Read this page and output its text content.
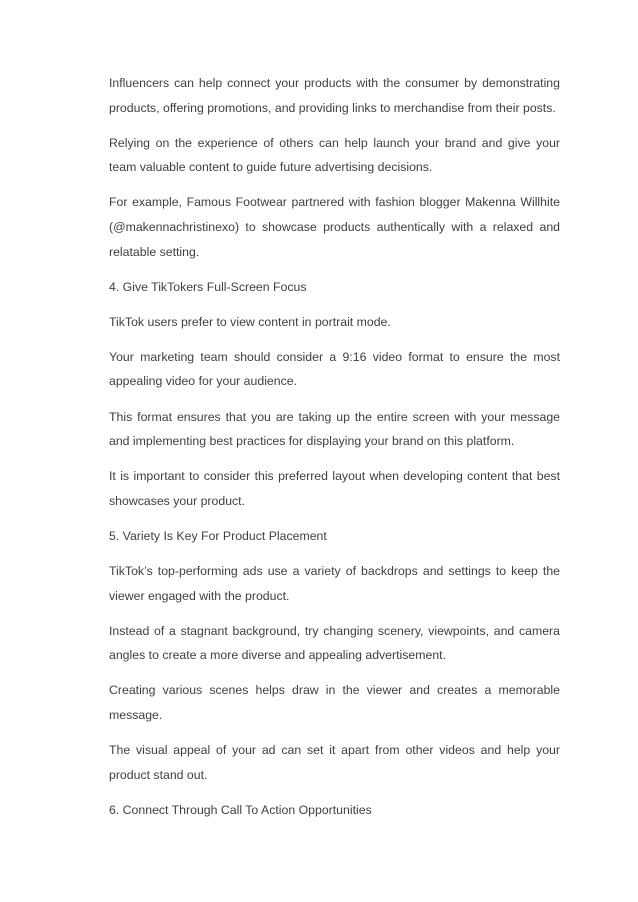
Influencers can help connect your products with the consumer by demonstrating products, offering promotions, and providing links to merchandise from their posts.

Relying on the experience of others can help launch your brand and give your team valuable content to guide future advertising decisions.

For example, Famous Footwear partnered with fashion blogger Makenna Willhite (@makennachristinexo) to showcase products authentically with a relaxed and relatable setting.

4. Give TikTokers Full-Screen Focus

TikTok users prefer to view content in portrait mode.

Your marketing team should consider a 9:16 video format to ensure the most appealing video for your audience.

This format ensures that you are taking up the entire screen with your message and implementing best practices for displaying your brand on this platform.

It is important to consider this preferred layout when developing content that best showcases your product.

5. Variety Is Key For Product Placement

TikTok’s top-performing ads use a variety of backdrops and settings to keep the viewer engaged with the product.

Instead of a stagnant background, try changing scenery, viewpoints, and camera angles to create a more diverse and appealing advertisement.

Creating various scenes helps draw in the viewer and creates a memorable message.

The visual appeal of your ad can set it apart from other videos and help your product stand out.

6. Connect Through Call To Action Opportunities
